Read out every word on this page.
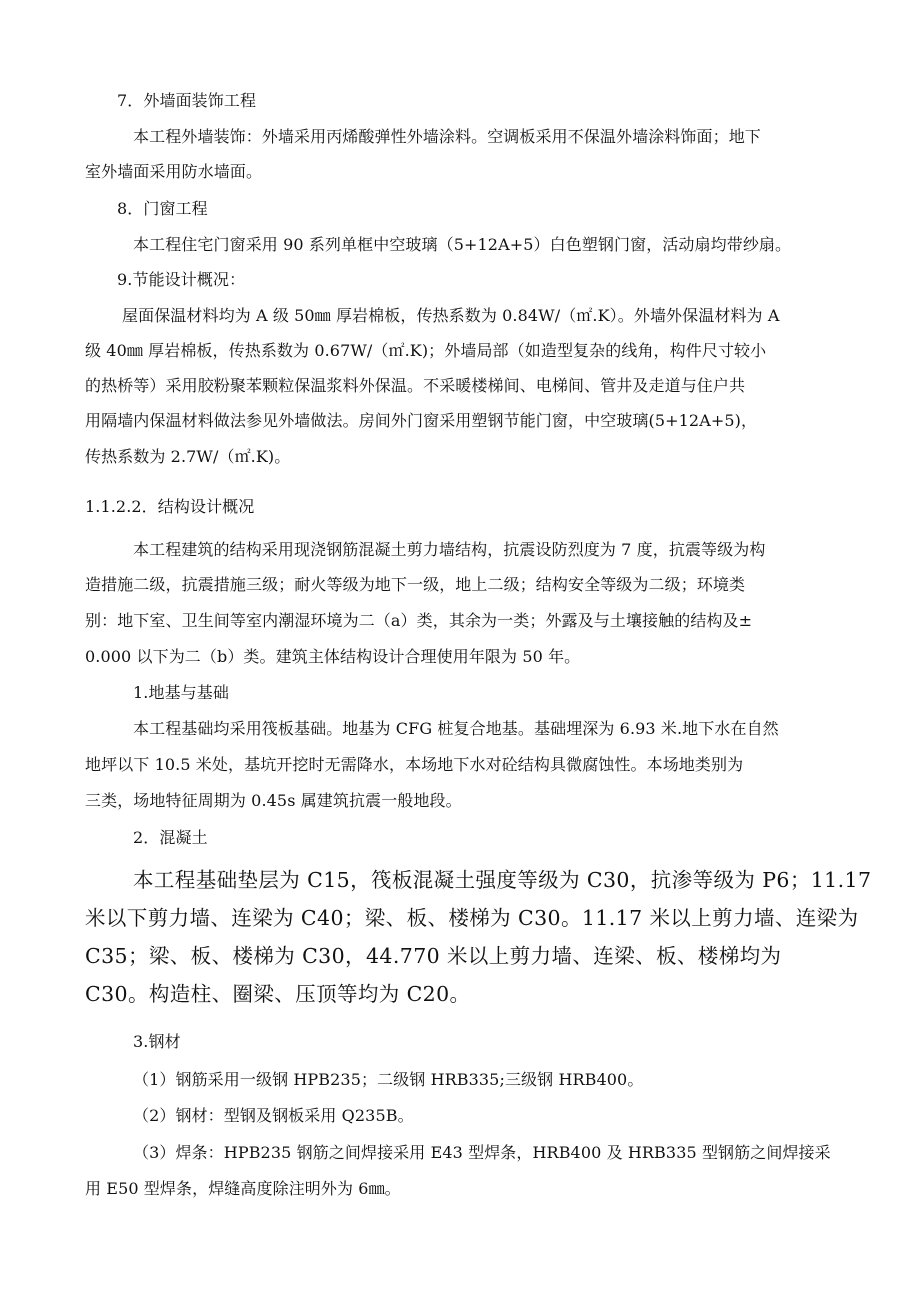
7．外墙面装饰工程
本工程外墙装饰：外墙采用丙烯酸弹性外墙涂料。空调板采用不保温外墙涂料饰面；地下
室外墙面采用防水墙面。
8．门窗工程
本工程住宅门窗采用 90 系列单框中空玻璃（5+12A+5）白色塑钢门窗，活动扇均带纱扇。
9.节能设计概况：
屋面保温材料均为 A 级 50㎜ 厚岩棉板，传热系数为 0.84W/（㎡.K）。外墙外保温材料为 A
级 40㎜ 厚岩棉板，传热系数为 0.67W/（㎡.K)；外墙局部（如造型复杂的线角，构件尺寸较小
的热桥等）采用胶粉聚苯颗粒保温浆料外保温。不采暖楼梯间、电梯间、管井及走道与住户共
用隔墙内保温材料做法参见外墙做法。房间外门窗采用塑钢节能门窗，中空玻璃(5+12A+5)，
传热系数为 2.7W/（㎡.K)。
1.1.2.2．结构设计概况
本工程建筑的结构采用现浇钢筋混凝土剪力墙结构，抗震设防烈度为 7 度，抗震等级为构
造措施二级，抗震措施三级；耐火等级为地下一级，地上二级；结构安全等级为二级；环境类
别：地下室、卫生间等室内潮湿环境为二（a）类，其余为一类；外露及与土壤接触的结构及±
0.000 以下为二（b）类。建筑主体结构设计合理使用年限为 50 年。
1.地基与基础
本工程基础均采用筏板基础。地基为 CFG 桩复合地基。基础埋深为 6.93 米.地下水在自然
地坪以下 10.5 米处，基坑开挖时无需降水，本场地下水对砼结构具微腐蚀性。本场地类别为
三类，场地特征周期为 0.45s 属建筑抗震一般地段。
2．混凝土
本工程基础垫层为 C15，筏板混凝土强度等级为 C30，抗渗等级为 P6；11.17
米以下剪力墙、连梁为 C40；梁、板、楼梯为 C30。11.17 米以上剪力墙、连梁为
C35；梁、板、楼梯为 C30，44.770 米以上剪力墙、连梁、板、楼梯均为
C30。构造柱、圈梁、压顶等均为 C20。
3.钢材
（1）钢筋采用一级钢 HPB235；二级钢 HRB335;三级钢 HRB400。
（2）钢材：型钢及钢板采用 Q235B。
（3）焊条：HPB235 钢筋之间焊接采用 E43 型焊条，HRB400 及 HRB335 型钢筋之间焊接采
用 E50 型焊条，焊缝高度除注明外为 6㎜。
